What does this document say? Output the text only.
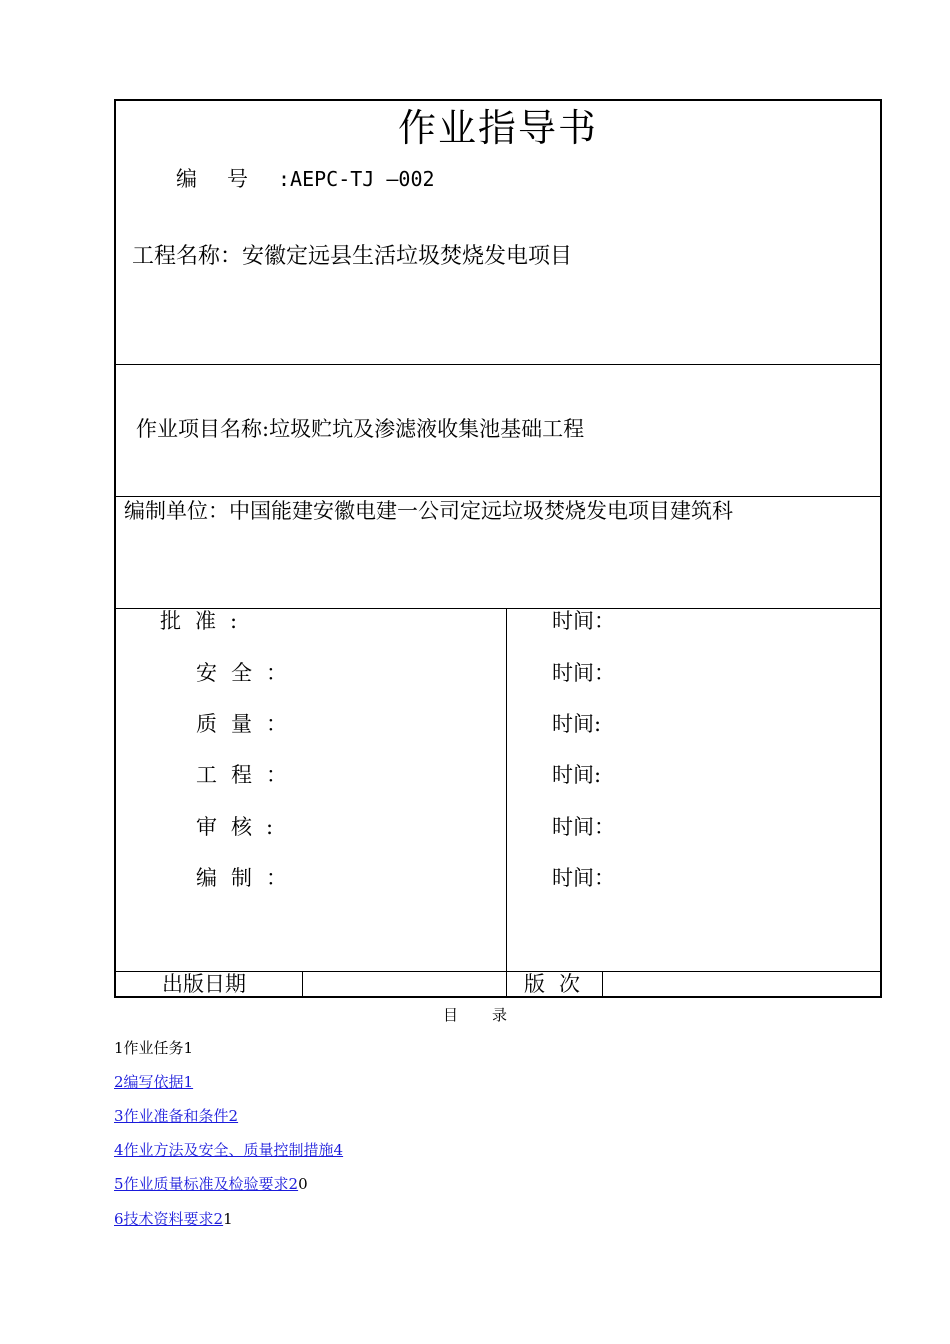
作业指导书
编号:AEPC-TJ —002
工程名称：安徽定远县生活垃圾焚烧发电项目
作业项目名称:垃圾贮坑及渗滤液收集池基础工程
编制单位：中国能建安徽电建一公司定远垃圾焚烧发电项目建筑科
批准:
安全：
质量：
工程：
审核:
编制：
时间：
时间：
时间:
时间:
时间：
时间：
出版日期	版次
目 录
1作业任务1
2编写依据1
3作业准备和条件2
4作业方法及安全、质量控制措施4
5作业质量标准及检验要求20
6技术资料要求21
